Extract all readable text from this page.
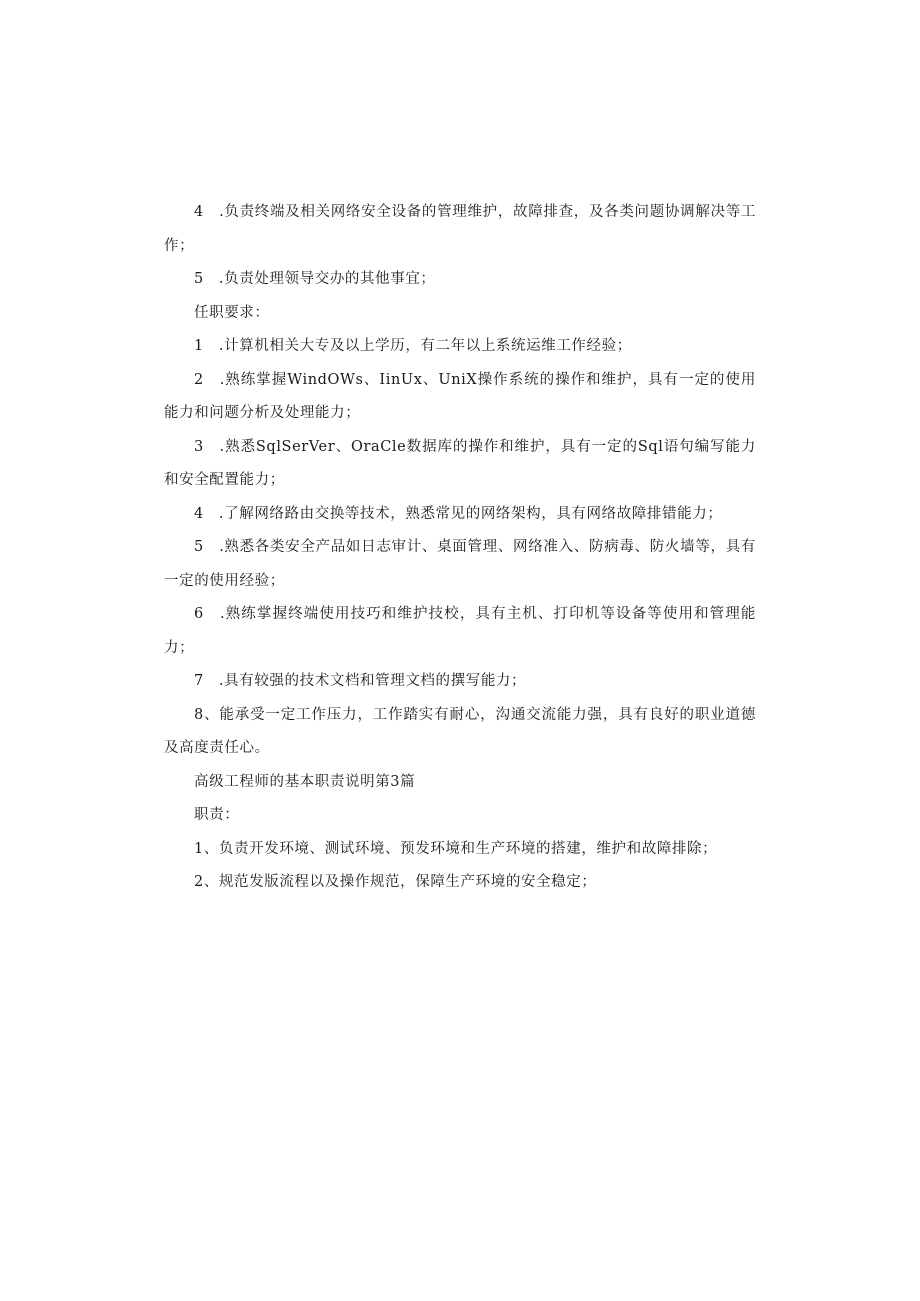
4　.负责终端及相关网络安全设备的管理维护，故障排查，及各类问题协调解决等工作；

5　.负责处理领导交办的其他事宜；

任职要求：

1　.计算机相关大专及以上学历，有二年以上系统运维工作经验；

2　.熟练掌握WindOWs、IinUx、UniX操作系统的操作和维护，具有一定的使用能力和问题分析及处理能力；

3　.熟悉SqlSerVer、OraCle数据库的操作和维护，具有一定的Sql语句编写能力和安全配置能力；

4　.了解网络路由交换等技术，熟悉常见的网络架构，具有网络故障排错能力；

5　.熟悉各类安全产品如日志审计、桌面管理、网络准入、防病毒、防火墙等，具有一定的使用经验；

6　.熟练掌握终端使用技巧和维护技校，具有主机、打印机等设备等使用和管理能力；

7　.具有较强的技术文档和管理文档的撰写能力；

8、能承受一定工作压力，工作踏实有耐心，沟通交流能力强，具有良好的职业道德及高度责任心。

高级工程师的基本职责说明第3篇

职责：

1、负责开发环境、测试环境、预发环境和生产环境的搭建，维护和故障排除；

2、规范发版流程以及操作规范，保障生产环境的安全稳定；
